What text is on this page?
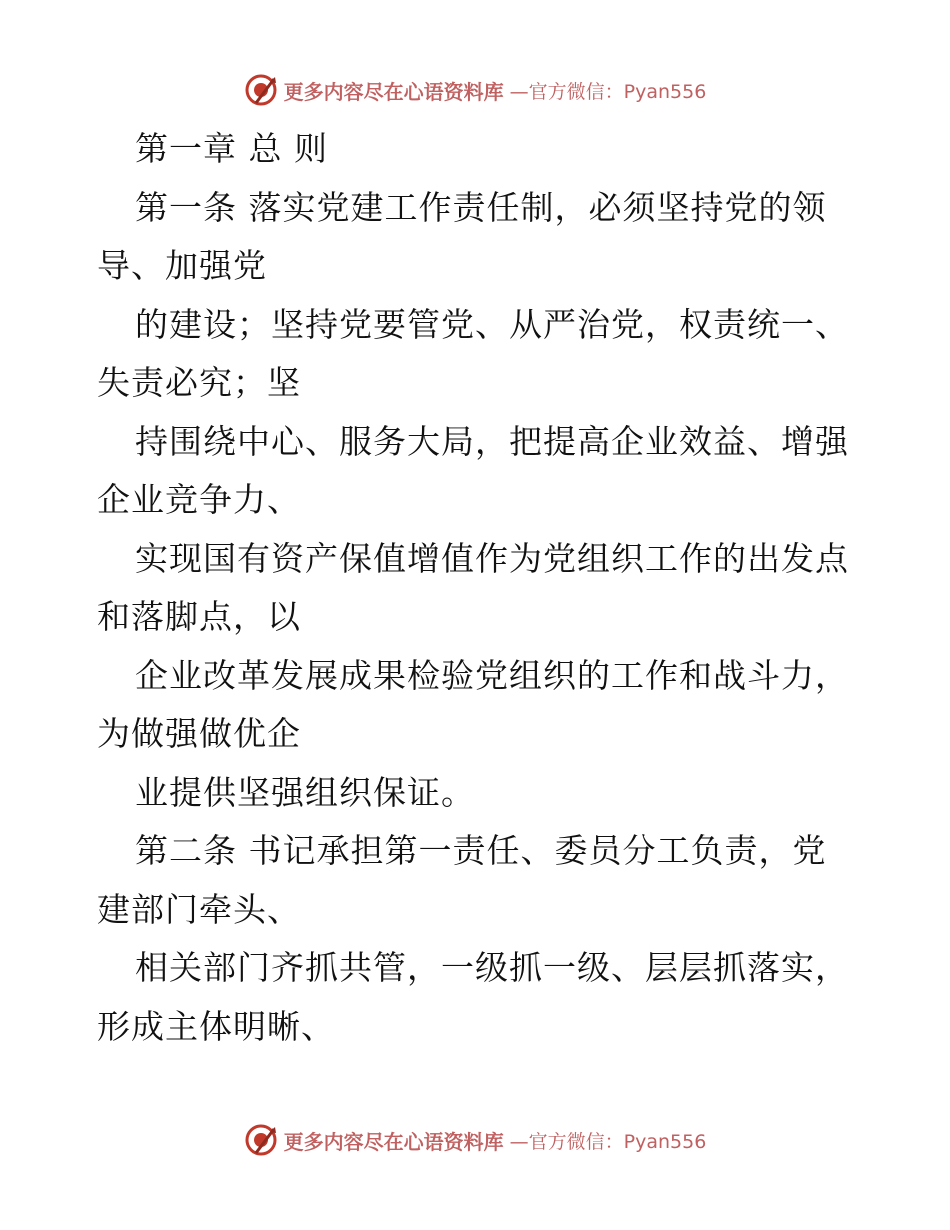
更多内容尽在心语资料库 —官方微信：Pyan556
第一章 总 则
第一条 落实党建工作责任制，必须坚持党的领
导、加强党
的建设；坚持党要管党、从严治党，权责统一、
失责必究；坚
持围绕中心、服务大局，把提高企业效益、增强
企业竞争力、
实现国有资产保值增值作为党组织工作的出发点
和落脚点，以
企业改革发展成果检验党组织的工作和战斗力，
为做强做优企
业提供坚强组织保证。
第二条 书记承担第一责任、委员分工负责，党
建部门牵头、
相关部门齐抓共管，一级抓一级、层层抓落实，
形成主体明晰、
更多内容尽在心语资料库 —官方微信：Pyan556
